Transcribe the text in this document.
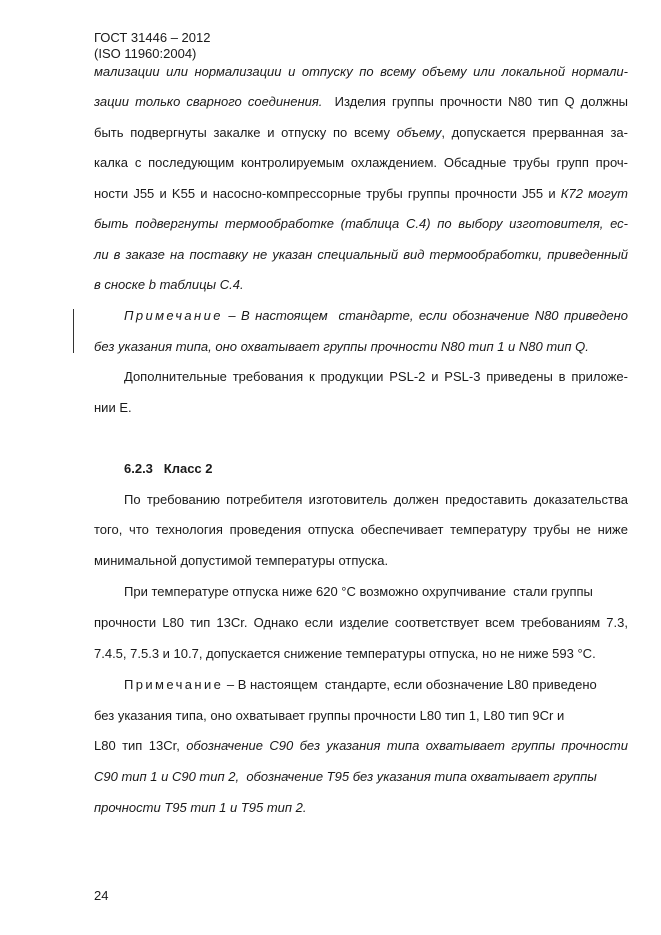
ГОСТ 31446 – 2012
(ISO 11960:2004)
мализации или нормализации и отпуску по всему объему или локальной нормали-
зации только сварного соединения.  Изделия группы прочности N80 тип Q должны
быть подвергнуты закалке и отпуску по всему объему, допускается прерванная за-
калка с последующим контролируемым охлаждением. Обсадные трубы групп проч-
ности J55 и K55 и насосно-компрессорные трубы группы прочности J55 и К72 могут
быть подвергнуты термообработке (таблица С.4) по выбору изготовителя, ес-
ли в заказе на поставку не указан специальный вид термообработки, приведенный
в сноске b таблицы С.4.
Примечание – В настоящем  стандарте, если обозначение N80 приведено
без указания типа, оно охватывает группы прочности N80 тип 1 и N80 тип Q.
Дополнительные требования к продукции PSL-2 и PSL-3 приведены в приложе-
нии Е.
6.2.3 Класс 2
По требованию потребителя изготовитель должен предоставить доказательства
того, что технология проведения отпуска обеспечивает температуру трубы не ниже
минимальной допустимой температуры отпуска.
При температуре отпуска ниже 620 °С возможно охрупчивание  стали группы
прочности L80 тип 13Cr. Однако если изделие соответствует всем требованиям 7.3,
7.4.5, 7.5.3 и 10.7, допускается снижение температуры отпуска, но не ниже 593 °С.
Примечание – В настоящем  стандарте, если обозначение L80 приведено
без указания типа, оно охватывает группы прочности L80 тип 1, L80 тип 9Cr и
L80 тип 13Cr, обозначение С90 без указания типа охватывает группы прочности
С90 тип 1 и С90 тип 2,  обозначение Т95 без указания типа охватывает группы
прочности Т95 тип 1 и Т95 тип 2.
24
